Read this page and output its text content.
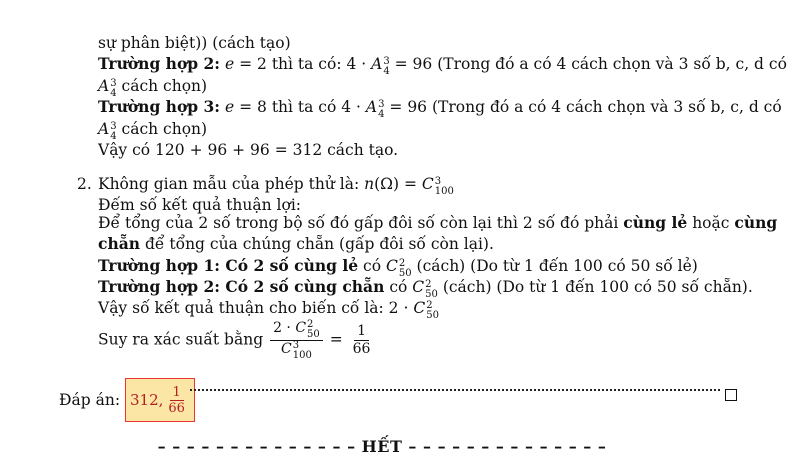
sự phân biệt)) (cách tạo)
Trường hợp 2: e = 2 thì ta có: 4 · A 3
4 = 96 (Trong đó a có 4 cách chọn và 3 số b, c, d có
A 3
4 cách chọn)
Trường hợp 3: e = 8 thì ta có 4 · A 3
4 = 96 (Trong đó a có 4 cách chọn và 3 số b, c, d có
A 3
4 cách chọn)
Vậy có 120 + 96 + 96 = 312 cách tạo.
2. Không gian mẫu của phép thử là: n(Ω) = C 3
100
Đếm số kết quả thuận lợi:
Để tổng của 2 số trong bộ số đó gấp đôi số còn lại thì 2 số đó phải cùng lẻ hoặc cùng
chẵn để tổng của chúng chẵn (gấp đôi số còn lại).
Trường hợp 1: Có 2 số cùng lẻ có C 2
50 (cách) (Do từ 1 đến 100 có 50 số lẻ)
Trường hợp 2: Có 2 số cùng chẵn có C 2
50 (cách) (Do từ 1 đến 100 có 50 số chẵn).
Vậy số kết quả thuận cho biến cố là: 2 · C 2
50
Suy ra xác suất bằng 2 · C 2
50
C 3
$100 = \frac{1}{66}$
Đáp án: 312, $\frac{1}{66}$
– – – – – – – – – – – – – – HẾT – – – – – – – – – – – – – –
